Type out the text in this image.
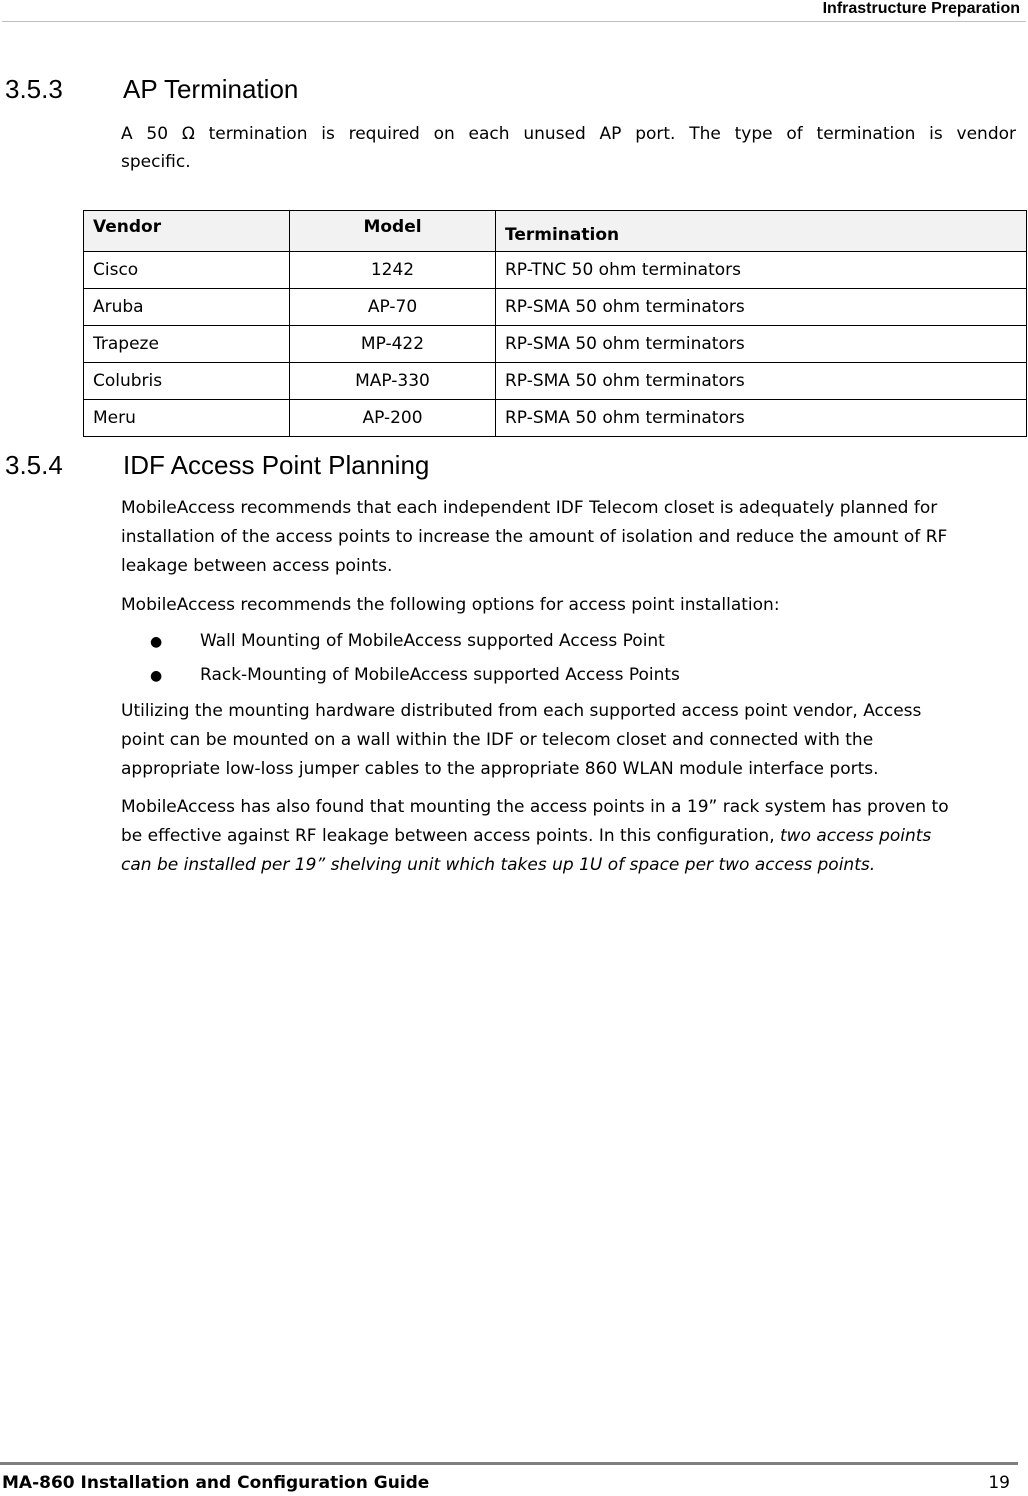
Infrastructure Preparation
3.5.3 AP Termination
A 50 Ω termination is required on each unused AP port. The type of termination is vendor
specific.
Vendor	Model	Termination
Cisco	1242	RP-TNC 50 ohm terminators
Aruba	AP-70	RP-SMA 50 ohm terminators
Trapeze	MP-422	RP-SMA 50 ohm terminators
Colubris	MAP-330	RP-SMA 50 ohm terminators
Meru	AP-200	RP-SMA 50 ohm terminators
3.5.4 IDF Access Point Planning
MobileAccess recommends that each independent IDF Telecom closet is adequately planned for
installation of the access points to increase the amount of isolation and reduce the amount of RF
leakage between access points.
MobileAccess recommends the following options for access point installation:
● Wall Mounting of MobileAccess supported Access Point
● Rack-Mounting of MobileAccess supported Access Points
Utilizing the mounting hardware distributed from each supported access point vendor, Access
point can be mounted on a wall within the IDF or telecom closet and connected with the
appropriate low-loss jumper cables to the appropriate 860 WLAN module interface ports.
MobileAccess has also found that mounting the access points in a 19” rack system has proven to
be effective against RF leakage between access points. In this configuration, two access points
can be installed per 19” shelving unit which takes up 1U of space per two access points.
MA-860 Installation and Configuration Guide	19
